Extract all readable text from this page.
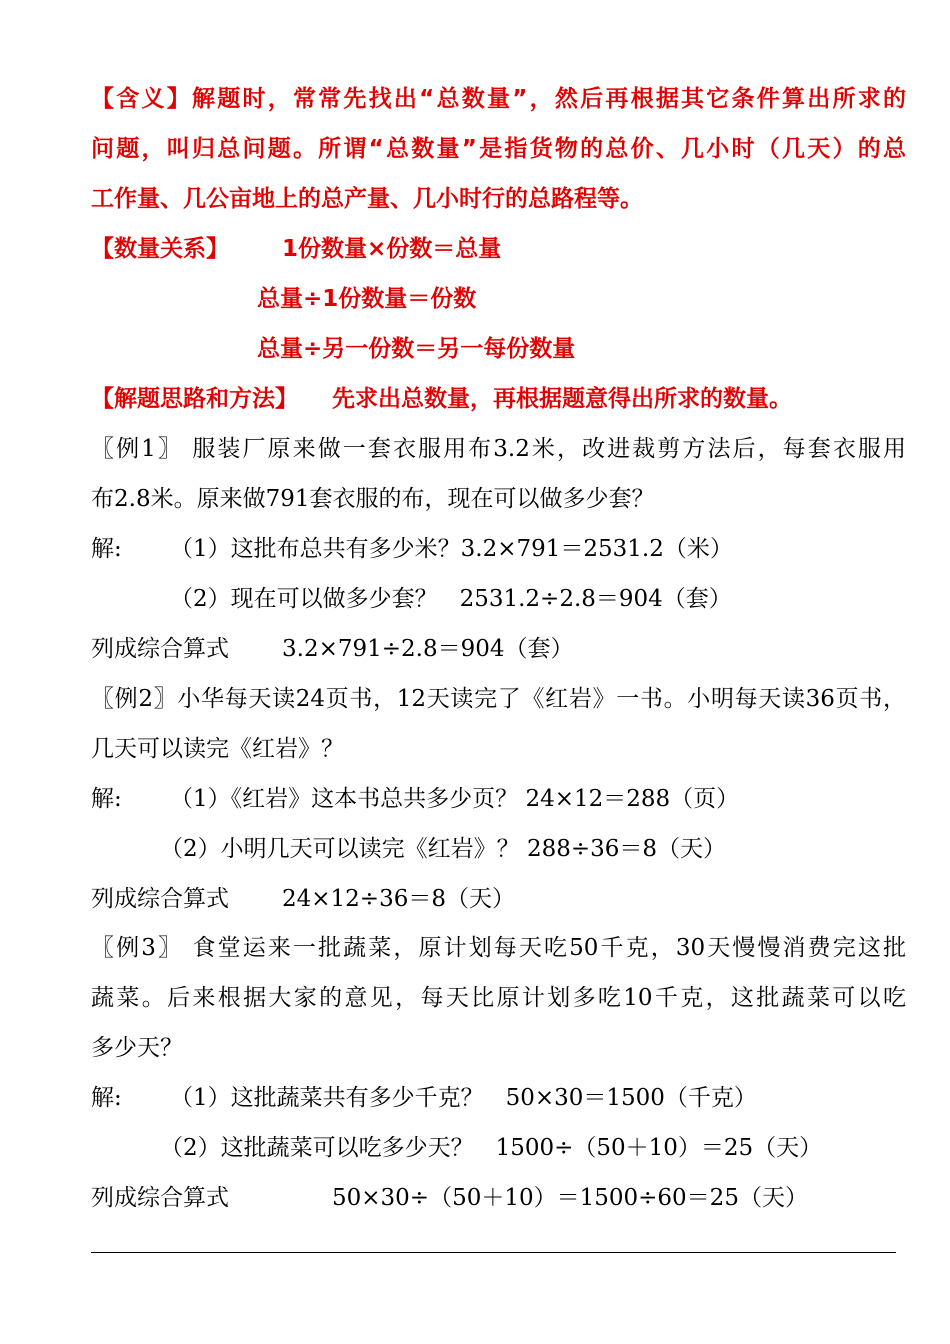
【含义】解题时，常常先找出“总数量”，然后再根据其它条件算出所求的
问题，叫归总问题。所谓“总数量”是指货物的总价、几小时（几天）的总
工作量、几公亩地上的总产量、几小时行的总路程等。
【数量关系】 1份数量×份数＝总量
总量÷1份数量＝份数
总量÷另一份数＝另一每份数量
【解题思路和方法】 先求出总数量，再根据题意得出所求的数量。
〖例1〗 服装厂原来做一套衣服用布3.2米，改进裁剪方法后，每套衣服用
布2.8米。原来做791套衣服的布，现在可以做多少套？
解: （1）这批布总共有多少米？3.2×791＝2531.2（米）
（2）现在可以做多少套？   2531.2÷2.8＝904（套）
列成综合算式 3.2×791÷2.8＝904（套）
〖例2〗小华每天读24页书，12天读完了《红岩》一书。小明每天读36页书，
几天可以读完《红岩》？
解: （1）《红岩》这本书总共多少页？ 24×12＝288（页）
（2）小明几天可以读完《红岩》？ 288÷36＝8（天）
列成综合算式 24×12÷36＝8（天）
〖例3〗 食堂运来一批蔬菜，原计划每天吃50千克，30天慢慢消费完这批
蔬菜。后来根据大家的意见，每天比原计划多吃10千克，这批蔬菜可以吃
多少天？
解: （1）这批蔬菜共有多少千克？   50×30＝1500（千克）
（2）这批蔬菜可以吃多少天？   1500÷（50＋10）＝25（天）
列成综合算式	50×30÷（50＋10）＝1500÷60＝25（天）
